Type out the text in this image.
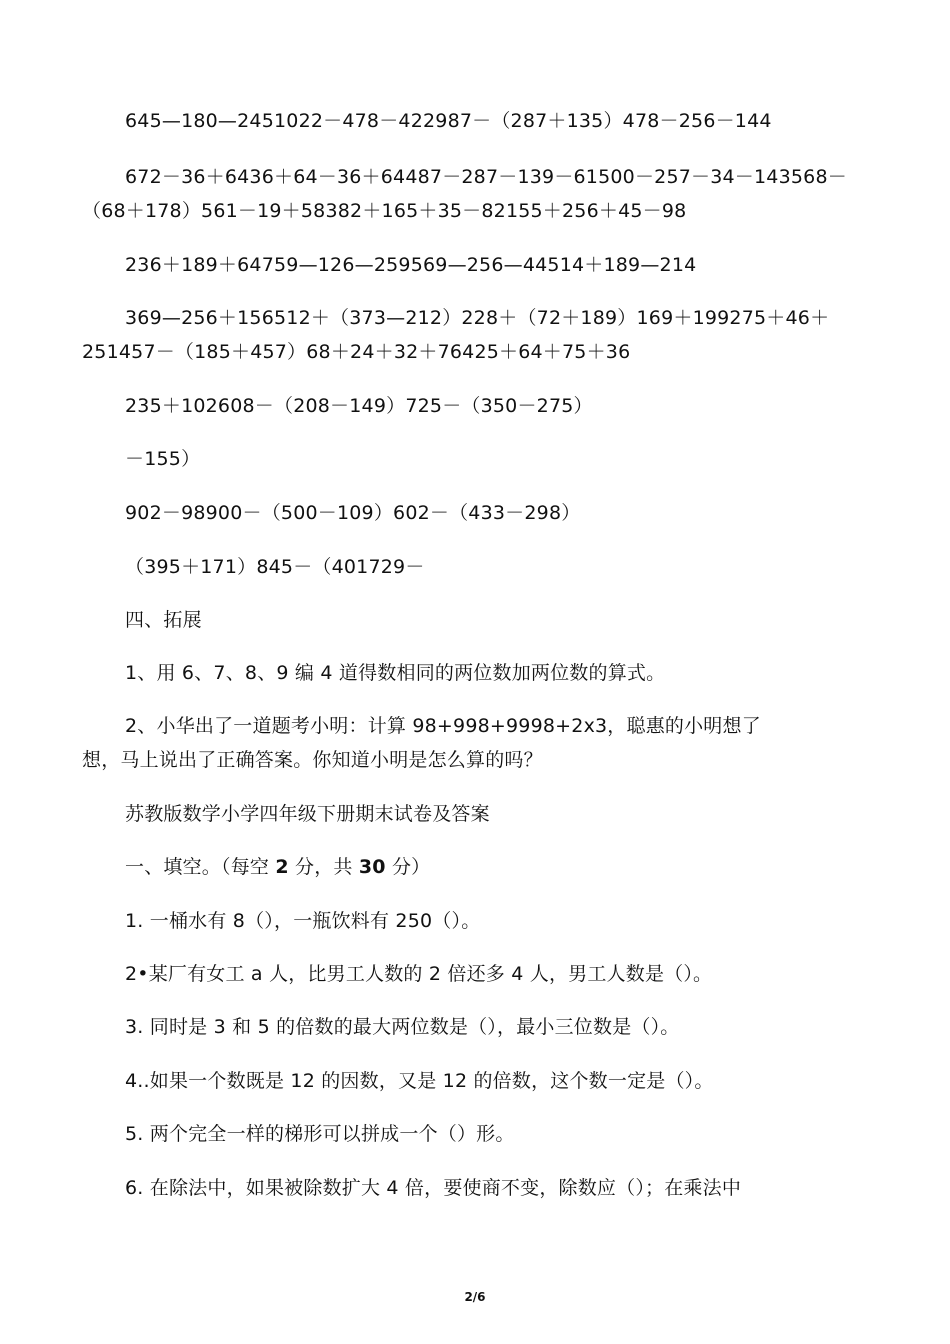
645—180—2451022－478－422987－（287＋135）478－256－144
672－36＋6436＋64－36＋64487－287－139－61500－257－34－143568－
（68＋178）561－19＋58382＋165＋35－82155＋256＋45－98
236＋189＋64759—126—259569—256—44514＋189—214
369—256＋156512＋（373—212）228＋（72＋189）169＋199275＋46＋
251457－（185＋457）68＋24＋32＋76425＋64＋75＋36
235＋102608－（208－149）725－（350－275）
－155）
902－98900－（500－109）602－（433－298）
（395＋171）845－（401729－
四、拓展
1、用 6、7、8、9 编 4 道得数相同的两位数加两位数的算式。
2、小华出了一道题考小明：计算 98+998+9998+2x3，聪惠的小明想了
想，马上说出了正确答案。你知道小明是怎么算的吗？
苏教版数学小学四年级下册期末试卷及答案
一、填空。（每空 2 分，共 30 分）
1. 一桶水有 8（），一瓶饮料有 250（）。
2•某厂有女工 a 人，比男工人数的 2 倍还多 4 人，男工人数是（）。
3. 同时是 3 和 5 的倍数的最大两位数是（），最小三位数是（）。
4..如果一个数既是 12 的因数，又是 12 的倍数，这个数一定是（）。
5. 两个完全一样的梯形可以拼成一个（）形。
6. 在除法中，如果被除数扩大 4 倍，要使商不变，除数应（）；在乘法中
2/6
